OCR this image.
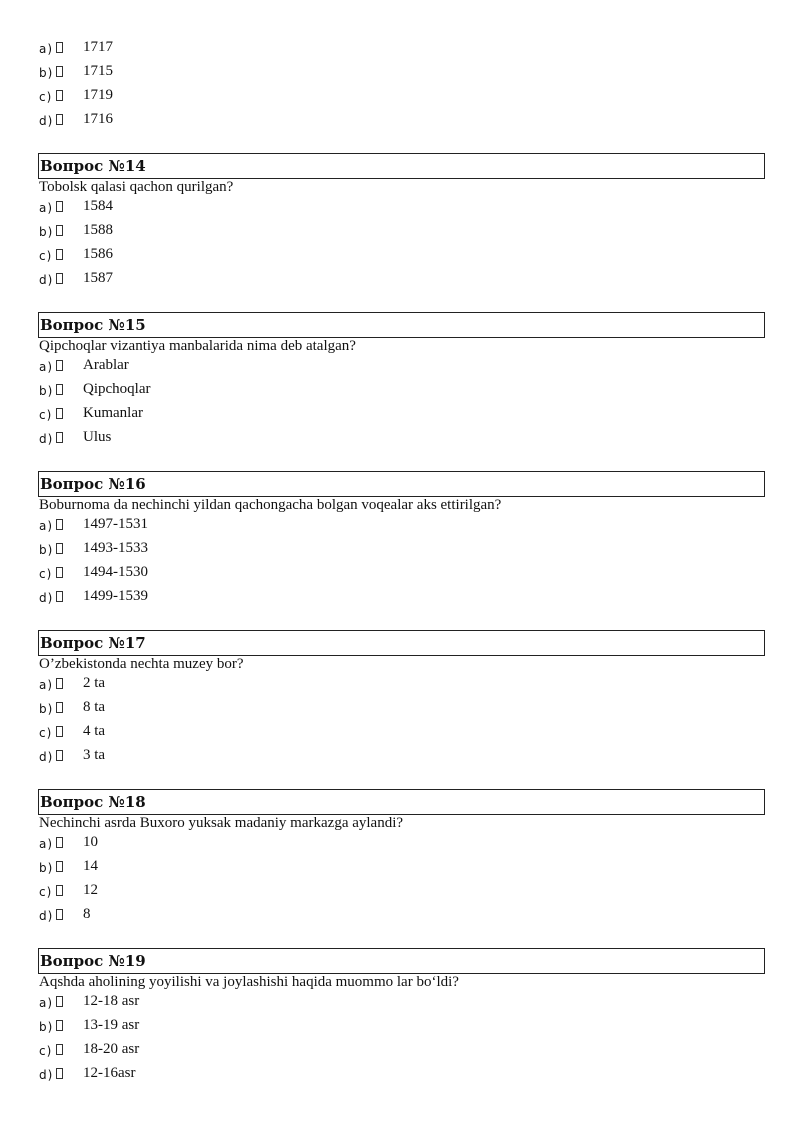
a) 1717
b) 1715
c) 1719
d) 1716
Вопрос №14
Tobolsk qalasi qachon qurilgan?
a) 1584
b) 1588
c) 1586
d) 1587
Вопрос №15
Qipchoqlar vizantiya manbalarida nima deb atalgan?
a) Arablar
b) Qipchoqlar
c) Kumanlar
d) Ulus
Вопрос №16
Boburnoma da nechinchi yildan qachongacha bolgan voqealar aks ettirilgan?
a) 1497-1531
b) 1493-1533
c) 1494-1530
d) 1499-1539
Вопрос №17
O’zbekistonda nechta muzey bor?
a) 2 ta
b) 8 ta
c) 4 ta
d) 3 ta
Вопрос №18
Nechinchi asrda Buxoro yuksak madaniy markazga aylandi?
a) 10
b) 14
c) 12
d) 8
Вопрос №19
Aqshda aholining yoyilishi va joylashishi haqida muommo lar bo‘ldi?
a) 12-18 asr
b) 13-19 asr
c) 18-20 asr
d) 12-16asr
